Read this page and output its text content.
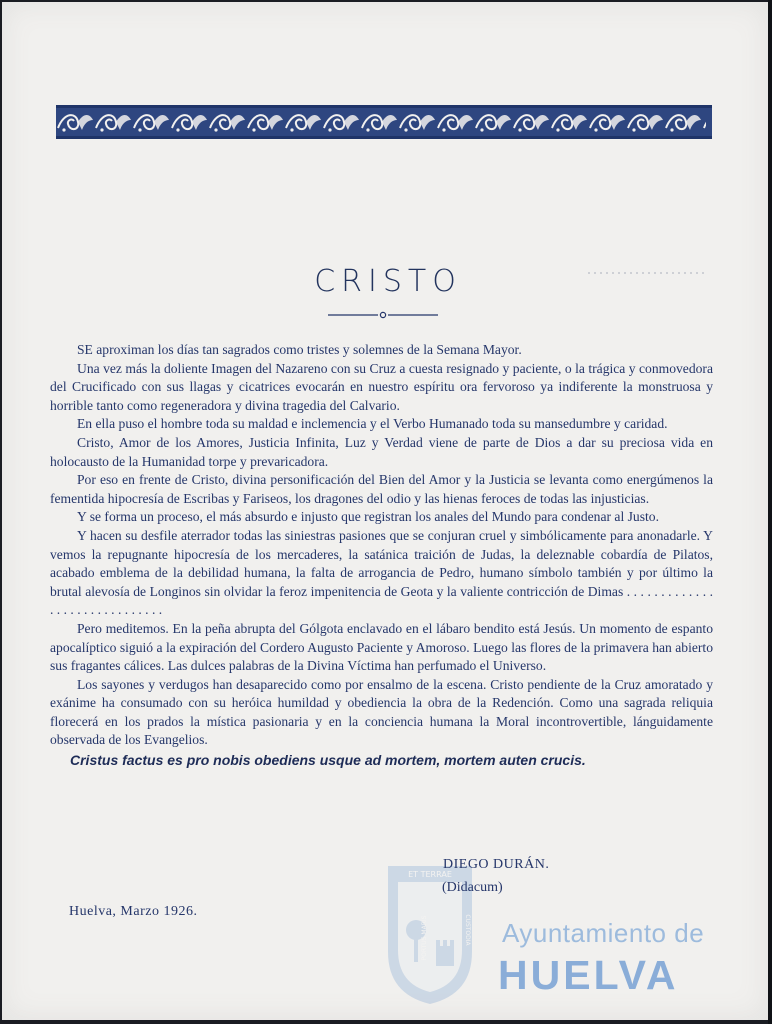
CRISTO

SE aproximan los días tan sagrados como tristes y solemnes de la Semana Mayor.

Una vez más la doliente Imagen del Nazareno con su Cruz a cuesta resignado y paciente, o la trágica y conmovedora del Crucificado con sus llagas y cicatrices evocarán en nuestro espíritu ora fervoroso ya indiferente la monstruosa y horrible tanto como regeneradora y divina tragedia del Calvario.

En ella puso el hombre toda su maldad e inclemencia y el Verbo Humanado toda su mansedumbre y caridad.

Cristo, Amor de los Amores, Justicia Infinita, Luz y Verdad viene de parte de Dios a dar su preciosa vida en holocausto de la Humanidad torpe y prevaricadora.

Por eso en frente de Cristo, divina personificación del Bien del Amor y la Justicia se levanta como energúmenos la fementida hipocresía de Escribas y Fariseos, los dragones del odio y las hienas feroces de todas las injusticias.

Y se forma un proceso, el más absurdo e injusto que registran los anales del Mundo para condenar al Justo.

Y hacen su desfile aterrador todas las siniestras pasiones que se conjuran cruel y simbólicamente para anonadarle. Y vemos la repugnante hipocresía de los mercaderes, la satánica traición de Judas, la deleznable cobardía de Pilatos, acabado emblema de la debilidad humana, la falta de arrogancia de Pedro, humano símbolo también y por último la brutal alevosía de Longinos sin olvidar la feroz impenitencia de Geota y la valiente contricción de Dimas . . . . . . . . . . . . . . . . . . . . . . . . . . . . . .

Pero meditemos. En la peña abrupta del Gólgota enclavado en el lábaro bendito está Jesús. Un momento de espanto apocalíptico siguió a la expiración del Cordero Augusto Paciente y Amoroso. Luego las flores de la primavera han abierto sus fragantes cálices. Las dulces palabras de la Divina Víctima han perfumado el Universo.

Los sayones y verdugos han desaparecido como por ensalmo de la escena. Cristo pendiente de la Cruz amoratado y exánime ha consumado con su heróica humildad y obediencia la obra de la Redención. Como una sagrada reliquia florecerá en los prados la mística pasionaria y en la conciencia humana la Moral incontrovertible, lánguidamente observada de los Evangelios.

Cristus factus es pro nobis obediens usque ad mortem, mortem auten crucis.

ET TERRAE
PORTUS MARIS	CUSTODIA
DIEGO DURÁN.
(Didacum)
Huelva, Marzo 1926.
Ayuntamiento de
HUELVA
